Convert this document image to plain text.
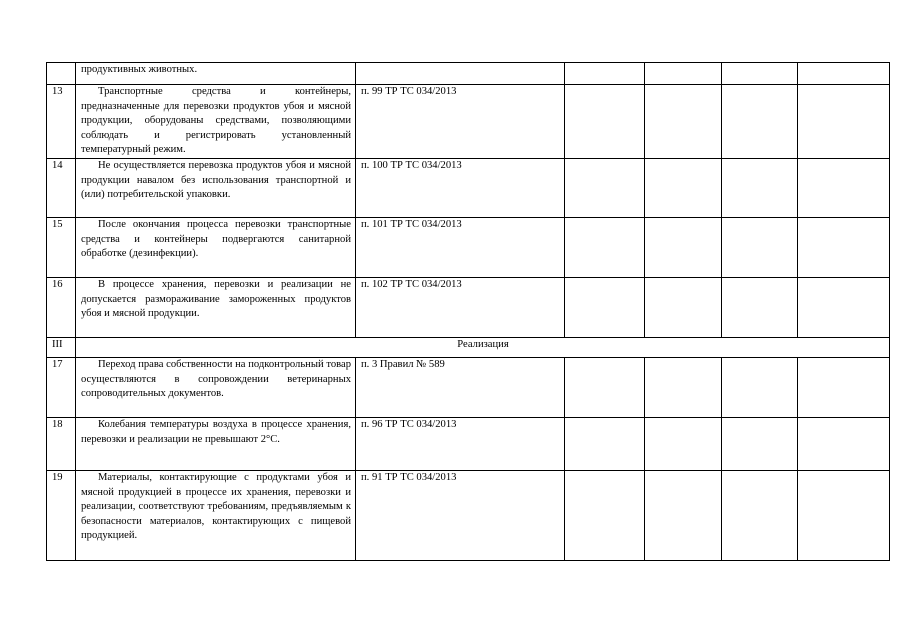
	продуктивных животных.					
13	Транспортные средства и контейнеры, предназначенные для перевозки продуктов убоя и мясной продукции, оборудованы средствами, позволяющими соблюдать и регистрировать установленный температурный режим.	п. 99 ТР ТС 034/2013				
14	Не осуществляется перевозка продуктов убоя и мясной продукции навалом без использования транспортной и (или) потребительской упаковки.	п. 100 ТР ТС 034/2013				
15	После окончания процесса перевозки транспортные средства и контейнеры подвергаются санитарной обработке (дезинфекции).	п. 101 ТР ТС 034/2013				
16	В процессе хранения, перевозки и реализации не допускается размораживание замороженных продуктов убоя и мясной продукции.	п. 102 ТР ТС 034/2013				
III	Реализация					
17	Переход права собственности на подконтрольный товар осуществляются в сопровождении ветеринарных сопроводительных документов.	п. 3 Правил № 589				
18	Колебания температуры воздуха в процессе хранения, перевозки и реализации не превышают 2°С.	п. 96 ТР ТС 034/2013				
19	Материалы, контактирующие с продуктами убоя и мясной продукцией в процессе их хранения, перевозки и реализации, соответствуют требованиям, предъявляемым к безопасности материалов, контактирующих с пищевой продукцией.	п. 91 ТР ТС 034/2013				
